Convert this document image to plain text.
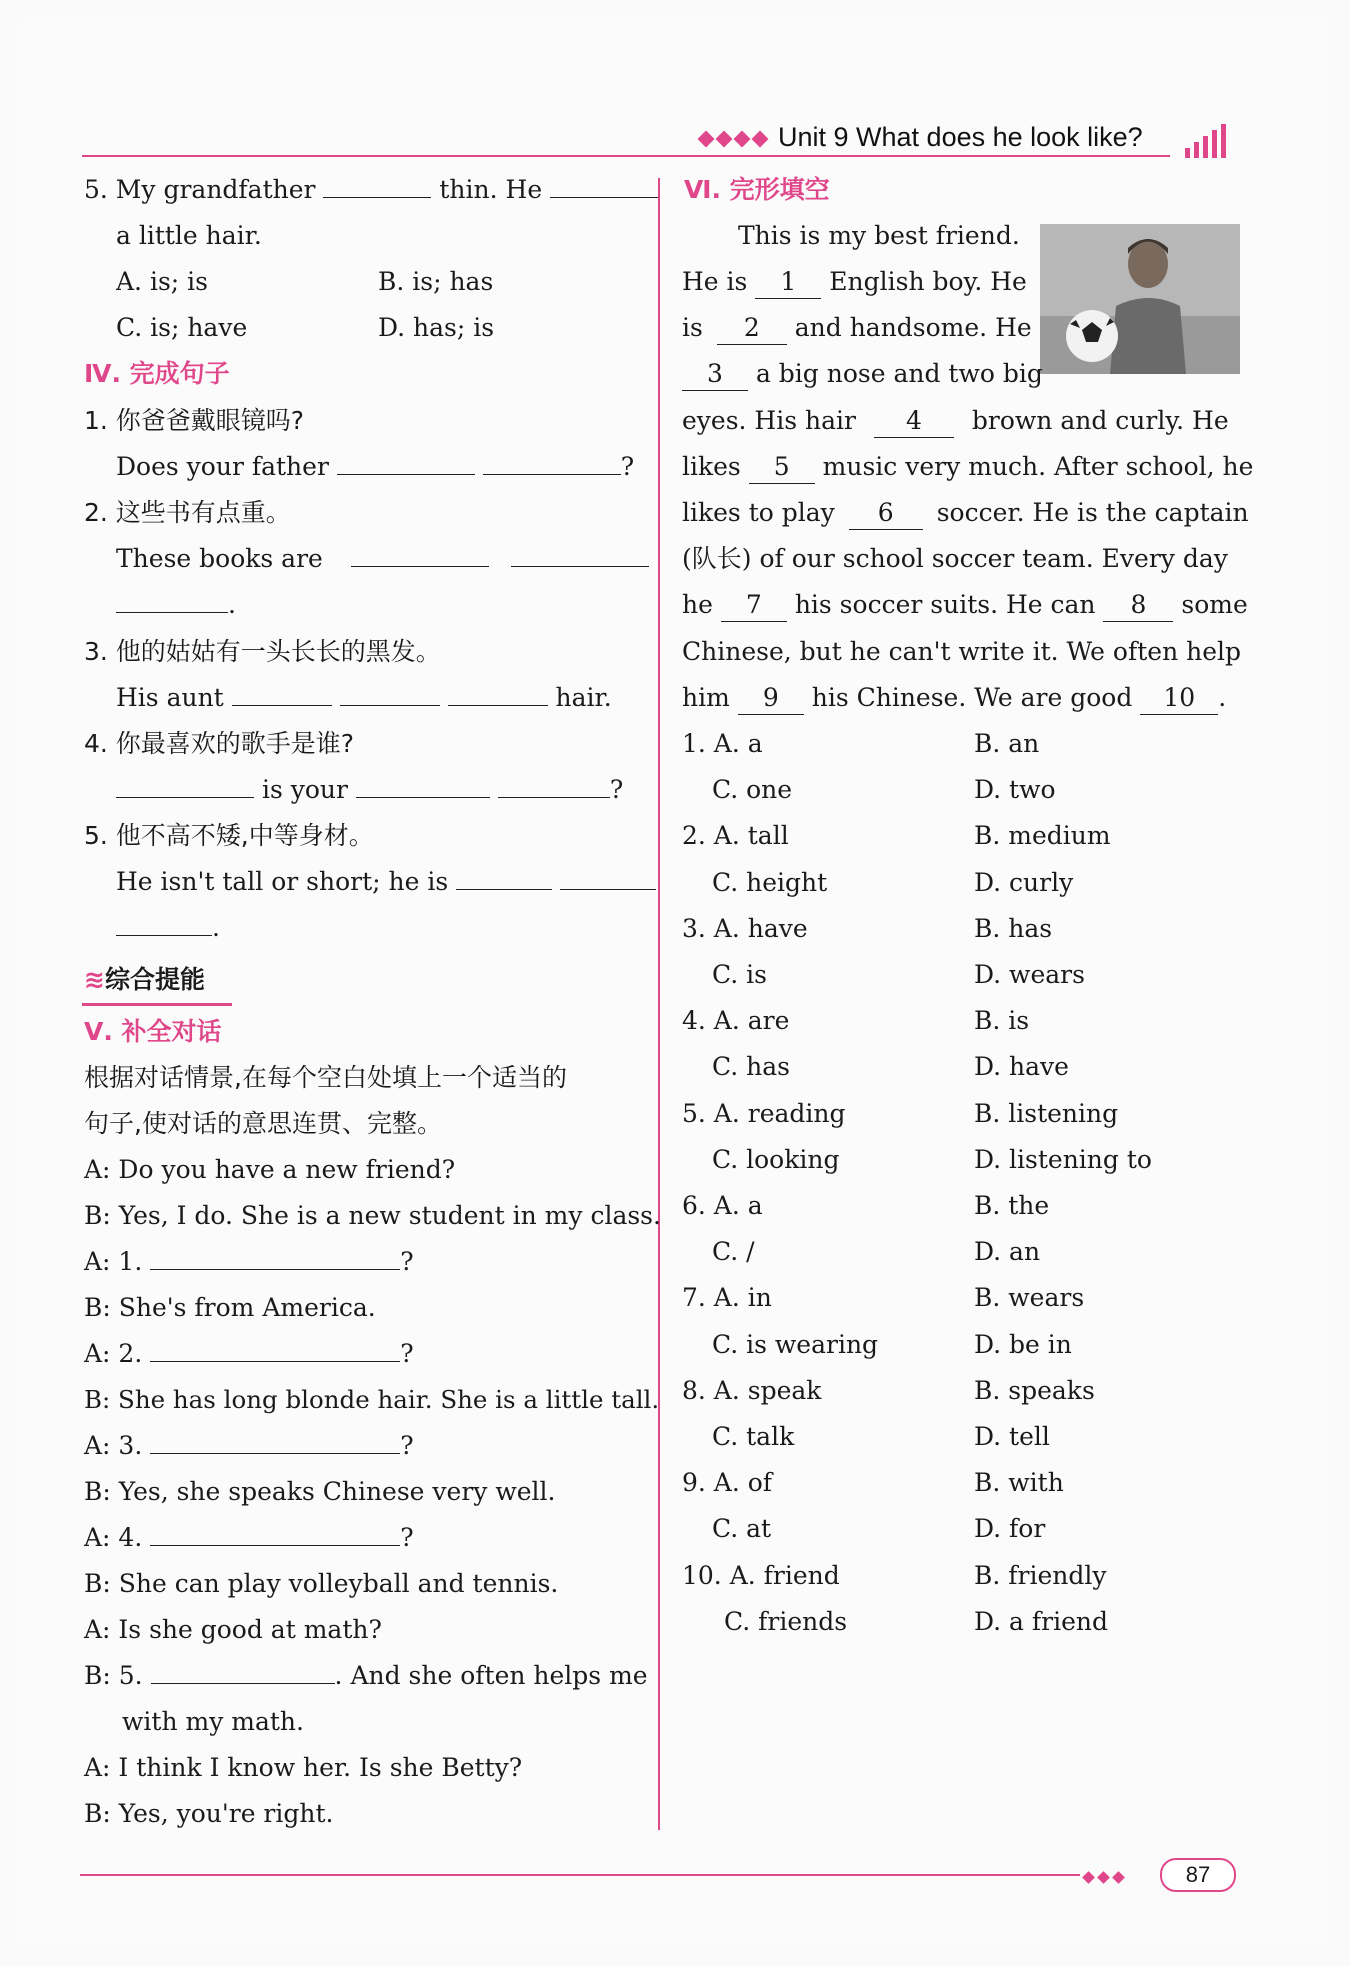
Unit 9 What does he look like?
5. My grandfather	thin. He
a little hair.
A. is; is	B. is; has
C. is; have	D. has; is
Ⅳ. 完成句子
1. 你爸爸戴眼镜吗?
Does your father	?
2. 这些书有点重。
These books are
.
3. 他的姑姑有一头长长的黑发。
His aunt	hair.
4. 你最喜欢的歌手是谁?
is your	?
5. 他不高不矮,中等身材。
He isn't tall or short; he is
.
≋综合提能
Ⅴ. 补全对话
根据对话情景,在每个空白处填上一个适当的
句子,使对话的意思连贯、完整。
A: Do you have a new friend?
B: Yes, I do. She is a new student in my class.
A: 1.	?
B: She's from America.
A: 2.	?
B: She has long blonde hair. She is a little tall.
A: 3.	?
B: Yes, she speaks Chinese very well.
A: 4.	?
B: She can play volleyball and tennis.
A: Is she good at math?
B: 5.	. And she often helps me
with my math.
A: I think I know her. Is she Betty?
B: Yes, you're right.
Ⅵ. 完形填空
This is my best friend.
He is 1 English boy. He
is 2 and handsome. He
3 a big nose and two big
eyes. His hair 4 brown and curly. He
likes 5 music very much. After school, he
likes to play 6 soccer. He is the captain
(队长) of our school soccer team. Every day
he 7 his soccer suits. He can 8 some
Chinese, but he can't write it. We often help
him 9 his Chinese. We are good 10 .
1. A. a	B. an
C. one	D. two
2. A. tall	B. medium
C. height	D. curly
3. A. have	B. has
C. is	D. wears
4. A. are	B. is
C. has	D. have
5. A. reading	B. listening
C. looking	D. listening to
6. A. a	B. the
C. /	D. an
7. A. in	B. wears
C. is wearing	D. be in
8. A. speak	B. speaks
C. talk	D. tell
9. A. of	B. with
C. at	D. for
10. A. friend	B. friendly
C. friends	D. a friend
87
